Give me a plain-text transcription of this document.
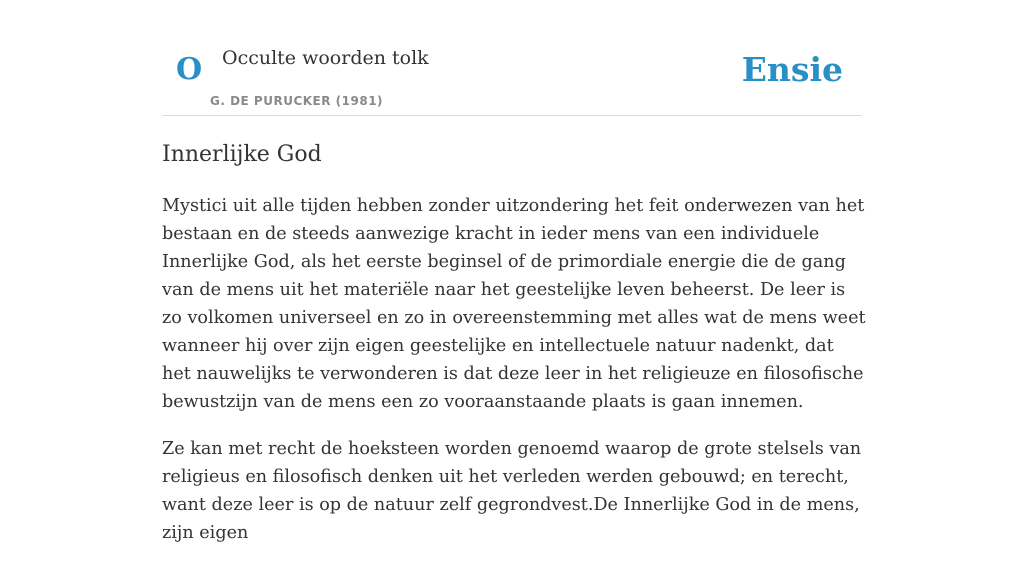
O Occulte woorden tolk
G. DE PURUCKER (1981)
Ensie
Innerlijke God

Mystici uit alle tijden hebben zonder uitzondering het feit onderwezen van het bestaan en de steeds aanwezige kracht in ieder mens van een individuele Innerlijke God, als het eerste beginsel of de primordiale energie die de gang van de mens uit het materiële naar het geestelijke leven beheerst. De leer is zo volkomen universeel en zo in overeenstemming met alles wat de mens weet wanneer hij over zijn eigen geestelijke en intellectuele natuur nadenkt, dat het nauwelijks te verwonderen is dat deze leer in het religieuze en filosofische bewustzijn van de mens een zo vooraanstaande plaats is gaan innemen.

Ze kan met recht de hoeksteen worden genoemd waarop de grote stelsels van religieus en filosofisch denken uit het verleden werden gebouwd; en terecht, want deze leer is op de natuur zelf gegrondvest.De Innerlijke God in de mens, zijn eigen
